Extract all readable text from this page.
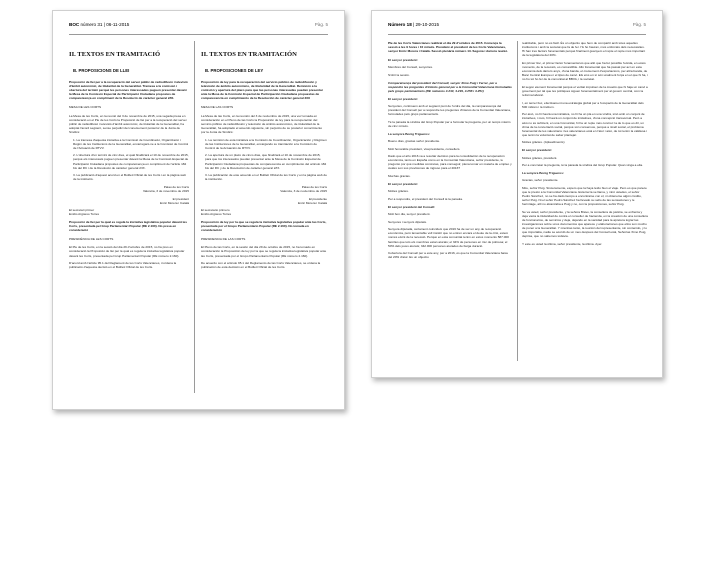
BOC número 31 | 06-11-2015	Pàg. 5
II. TEXTOS EN TRAMITACIÓ
B. PROPOSICIONS DE LLEI

Proposició de llei per a la recuperació del servei públic de radiodifusió i televisió d'àmbit autonòmic, de titularitat de la Generalitat. Tramesa a la comissió i obertura del termini perquè les persones interessades puguen presentar davant la Mesa de la Comissió Especial de Participació Ciutadana propostes de compareixença en compliment de la Resolució de caràcter general 2/IX.

MESA DE LES CORTS

La Mesa de les Corts, en la reunió del 3 de novembre de 2015, una vegada presa en consideració en el Ple de les Corts la Proposició de llei per a la recuperació del servei públic de radiodifusió i televisió d'àmbit autonòmic, de titularitat de la Generalitat, ha adoptat l'acord següent, sense perjudici del coneixement posterior de la Junta de Síndics:

1. La tramesa d'aquesta iniciativa a la Comissió de Coordinació, Organització i Règim de les Institucions de la Generalitat, encarregant-ne a la Comissió de Control de l'Actuació de RTVV.

2. L'obertura d'un termini de cinc dies, el qual finalitzarà el 10 de novembre de 2015, perquè els interessats puguen presentar davant la Mesa de la Comissió Especial de Participació Ciutadana propostes de compareixença en compliment de l'article 182 bis del RC i de la Resolució de caràcter general 2/IX.

3. La publicació d'aquest acord en el Butlletí Oficial de les Corts i en la pàgina web de la institució.

Palau de les Corts
València, 3 de novembre de 2015

El president
Enric Morera i Català

El secretari primer
Emilio Argüeso Torres

Proposició de llei per la qual es regula la iniciativa legislativa popular davant les Corts, presentada pel Grup Parlamentari Popular (RE 2.160). No presa en consideració

PRESIDÈNCIA DE LES CORTS

El Ple de les Corts, en la sessió del dia 29 d'octubre de 2015, no ha pres en consideració la Proposició de llei per la qual es regula la iniciativa legislativa popular davant les Corts, presentada pel Grup Parlamentari Popular (RE número 2.160).

D'acord amb l'article 95.1 del Reglament de les Corts Valencianes, s'ordena la publicació d'aquesta decisió en el Butlletí Oficial de les Corts.

II. TEXTOS EN TRAMITACIÓN
B. PROPOSICIONES DE LEY

Proposición de ley para la recuperación del servicio público de radiodifusión y televisión de ámbito autonómico, de titularidad de la Generalitat. Remisión a la comisión y apertura del plazo para que las personas interesadas puedan presentar ante la Mesa de la Comisión Especial de Participación Ciudadana propuestas de comparecencia en cumplimiento de la Resolución de carácter general 2/IX

MESA DE LAS CORTS

La Mesa de las Corts, en la reunión del 3 de noviembre de 2015, una vez tomada en consideración en el Pleno de las Corts la Proposición de ley para la recuperación del servicio público de radiodifusión y televisión de ámbito autonómico, de titularidad de la Generalitat, ha adoptado el acuerdo siguiente, sin perjuicio de su posterior conocimiento por la Junta de Síndics:

1. La remisión de esta iniciativa a la Comisión de Coordinación, Organización y Régimen de las Instituciones de la Generalitat, encargando su tramitación a la Comisión de Control de la Actuación de RTVV.

2. La apertura de un plazo de cinco días, que finalizará el 10 de noviembre de 2015, para que los interesados puedan presentar ante la Mesa de la Comisión Especial de Participación Ciudadana propuestas de comparecencia en cumplimiento del artículo 182 bis del RC y de la Resolución de carácter general 2/IX.

3. La publicación de este acuerdo en el Butlletí Oficial de les Corts y en la página web de la institución.

Palau de les Corts
Valencia, 3 de noviembre de 2015

El presidente
Enric Morera i Català

El secretario primero
Emilio Argüeso Torres

Proposición de ley por la que se regula la iniciativa legislativa popular ante las Corts, presentada por el Grupo Parlamentario Popular (RE 2.160). No tomada en consideración

PRESIDENCIA DE LAS CORTS

El Pleno de las Corts, en la sesión del día 29 de octubre de 2015, no ha tomado en consideración la Proposición de ley por la que se regula la iniciativa legislativa popular ante las Corts, presentada por el Grupo Parlamentario Popular (RE número 2.160).

De acuerdo con el artículo 95.1 del Reglamento de las Corts Valencianes, se ordena la publicación de esta decisión en el Butlletí Oficial de les Corts.

Número 18 | 29-10-2015	Pàg. 5

Ple de les Corts Valencianes realitzat el dia 29 d'octubre de 2015. Comença la sessió a les 9 hores i 10 minuts. Presideix el president de les Corts Valencianes, senyor Enric Morera i Català. Sessió plenària número 13. Segona i darrera reunió.

El senyor president:

Membres del Consell, senyories.

S'obri la sessió.

Compareixença del president del Consell, senyor Ximo Puig i Ferrer, per a respondre les preguntes d'interés general per a la Comunitat Valenciana formulades pels grups parlamentaris (RE números 4.230, 4.239, 4.258 i 4.251)

El senyor president:

Senyories, continuem amb el següent punt de l'ordre del dia, la compareixença del president del Consell per a respondre les preguntes d'interés de la Comunitat Valenciana, formulades pels grups parlamentaris.

Té la paraula la síndica del Grup Popular per a formular la pregunta, per un temps màxim de cinc minuts.

La senyora Bonig Trigueros:

Bueno días, gracias señor presidente.

Molt honorable president, vicepresidenta, consellers.

Dado que el año 2016 va a resultar decisivo para la consolidación de la recuperación económica, tanto en España como en la Comunitat Valenciana, señor presidente, le pregunto por qué medidas concretas, para conseguir, plena tomar en materia de empleo y cuáles son sus previsiones de ingreso para el 2016?

Muchas gracias.

El senyor president:

Moltes gràcies.

Per a respondre, el president del Consell té la paraula.

El senyor president del Consell:

Molt bon dia, senyor president.

Senyores i senyors diputats.

Senyora diputada, certament coincideix que 2016 ha de ser un any de recuperació econòmica, però lamentable vull insistir que no entren encara el deute de la crisi, estem només eixint de la recessió. Perquè en esta comunitat tenim en estos moments 587.000 famílies que tots els membres estan aturats; el 34% de persones en risc de pobresa; el 50% dels joves aturats; 342.000 persones aturades de llarga duració.

Cobertura del Consell per a este any, per a 2016, és que la Comunitat Valenciana baixe del 20% d'atur. Es un objectiu

realitzable, però no és fàcil. És un objectiu que hem de compartir amb totes aquelles institucions i amb la societat que fa de fer. I'ls ho hauran, més enforcats dels necessàries. Hi han tres factors fonamentals perquè finalment guanyem el repte el repte més important de la legislatura del 20%.

En primer lloc, el primer factor fonamental és que allò que ha fet possible l'eixida, en estos moments, de la recessió, es comandible. Allò fonamental que ha passat per ací en esta economia dels darrers anys, d'una banda, el creixement d'exportacions, per altra banda, de Banc Central Europeu i el tipus de canvi. Els eixs en sí són unalment força en el que hi ha, i no ho tot ho fer de la comunitat al BBVA, i la societat.

El segon element fonamental perquè el veritat impulsen de la creació que hi haja un canvi a governent per tal que les polítiques siguen fonamentalment per al govern central, com la reforma laboral.

I, en tercer lloc, efectivament una estratègia global per a l'ocupació de la Generalitat dels 500 milions i la tindrem.

Per això, no hi haurà una iniciativa, no hi ha un pla en una vindrà, sinó amb un conjunt de iniciatives, i més, hi haurà un conjunt de iniciatives, d'una concepció transversal. Però a això no és suficient, en una Comunitat, hi ha un repte més concret: la de lo que es dir, un clima de la concertació social, perquè són consensos, perquè a nivell social, el problema fonamental de les valencians i les valencianes està en l'atur i això, de tot tenim la validesa i que tenim la voluntat de saber plantejar.

Moltes gràcies. (Aplaudiments)

El senyor president:

Moltes gràcies, president.

Per a concretar la pregunta, té la paraula la síndica del Grup Popular. Quan vinga a ella.

La senyora Bonig Trigueros:

Gracias, señor presidente.

Mire, señor Puig. Sinceramente, espero que la haya leído bien el viaje. Pero es que parece que le prestó a la Comunitat Valenciana. Esta tierra se llama, y miró ustedes, el señor Pedro Sánchez, no se ha dado tiempo a encontrarse con él, ni obtenerse algún crédito, señor Puig. Ni el señor Pedro Sánchez ha llevado su sello de las sensaciones y le hermitage, allí no alcanzaba a Puig y no, con la proposiciones, señor Puig.

Se va usted, señor presidente, y la señora Bravo, la consellera de justicia, se enfrenta y deja vacía la titularidad de contra el conseller de hacienda, en la creación de una consellera de funcionarios, de servicios y deja, dejando en la sanidad para la apretura lograr las investigaciones sobre unos documentos que aparece y elaboraciones que ellos son mucho de poner a la Generalitat. Y mientras tanto, la reunión del representante, sin contenido, y lo que importaba, nadie se acordó de un mes después del Consell está, Señorías Ximo Puig, deprisa, que no sabemos todavía.

Y este es usted la última, señor presidente, la última. Ayer.
